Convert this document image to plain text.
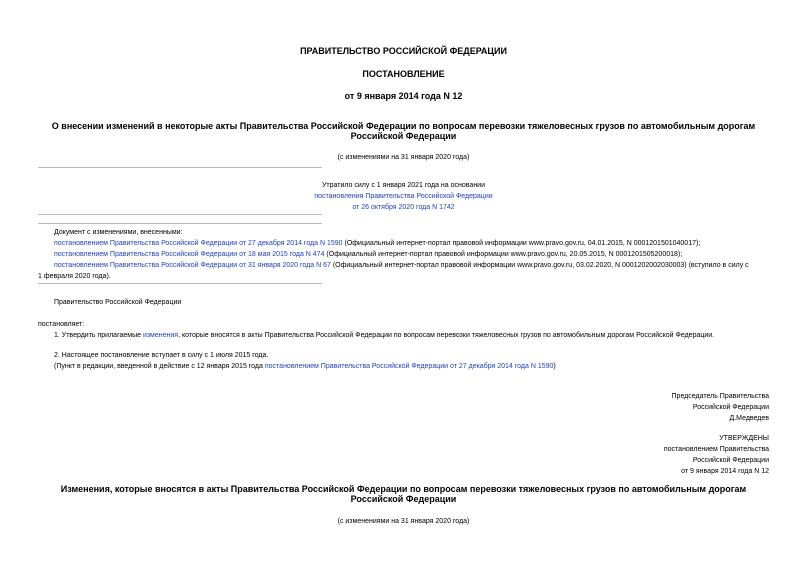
ПРАВИТЕЛЬСТВО РОССИЙСКОЙ ФЕДЕРАЦИИ
ПОСТАНОВЛЕНИЕ
от 9 января 2014 года N 12
О внесении изменений в некоторые акты Правительства Российской Федерации по вопросам перевозки тяжеловесных грузов по автомобильным дорогам
Российской Федерации
(с изменениями на 31 января 2020 года)
Утратило силу с 1 января 2021 года на основании
постановления Правительства Российской Федерации
от 26 октября 2020 года N 1742
Документ с изменениями, внесенными:
постановлением Правительства Российской Федерации от 27 декабря 2014 года N 1590 (Официальный интернет-портал правовой информации www.pravo.gov.ru, 04.01.2015, N 0001201501040017);
постановлением Правительства Российской Федерации от 18 мая 2015 года N 474 (Официальный интернет-портал правовой информации www.pravo.gov.ru, 20.05.2015, N 0001201505200018);
постановлением Правительства Российской Федерации от 31 января 2020 года N 67 (Официальный интернет-портал правовой информации www.pravo.gov.ru, 03.02.2020, N 0001202002030003) (вступило в силу с
1 февраля 2020 года).
Правительство Российской Федерации
постановляет:
1. Утвердить прилагаемые изменения, которые вносятся в акты Правительства Российской Федерации по вопросам перевозки тяжеловесных грузов по автомобильным дорогам Российской Федерации.
2. Настоящее постановление вступает в силу с 1 июля 2015 года.
(Пункт в редакции, введенной в действие с 12 января 2015 года постановлением Правительства Российской Федерации от 27 декабря 2014 года N 1590)
Председатель Правительства
Российской Федерации
Д.Медведев
УТВЕРЖДЕНЫ
постановлением Правительства
Российской Федерации
от 9 января 2014 года N 12
Изменения, которые вносятся в акты Правительства Российской Федерации по вопросам перевозки тяжеловесных грузов по автомобильным дорогам
Российской Федерации
(с изменениями на 31 января 2020 года)
